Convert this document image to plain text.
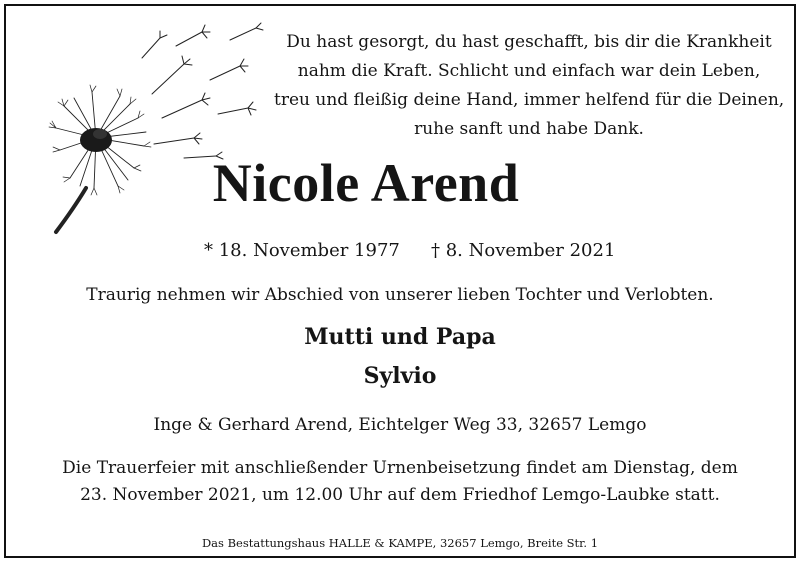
Du hast gesorgt, du hast geschafft, bis dir die Krankheit
nahm die Kraft. Schlicht und einfach war dein Leben,
treu und fleißig deine Hand, immer helfend für die Deinen,
ruhe sanft und habe Dank.
Nicole Arend
* 18. November 1977 † 8. November 2021
Traurig nehmen wir Abschied von unserer lieben Tochter und Verlobten.
Mutti und Papa
Sylvio
Inge & Gerhard Arend, Eichtelger Weg 33, 32657 Lemgo
Die Trauerfeier mit anschließender Urnenbeisetzung findet am Dienstag, dem
23. November 2021, um 12.00 Uhr auf dem Friedhof Lemgo-Laubke statt.
Das Bestattungshaus HALLE & KAMPE, 32657 Lemgo, Breite Str. 1
